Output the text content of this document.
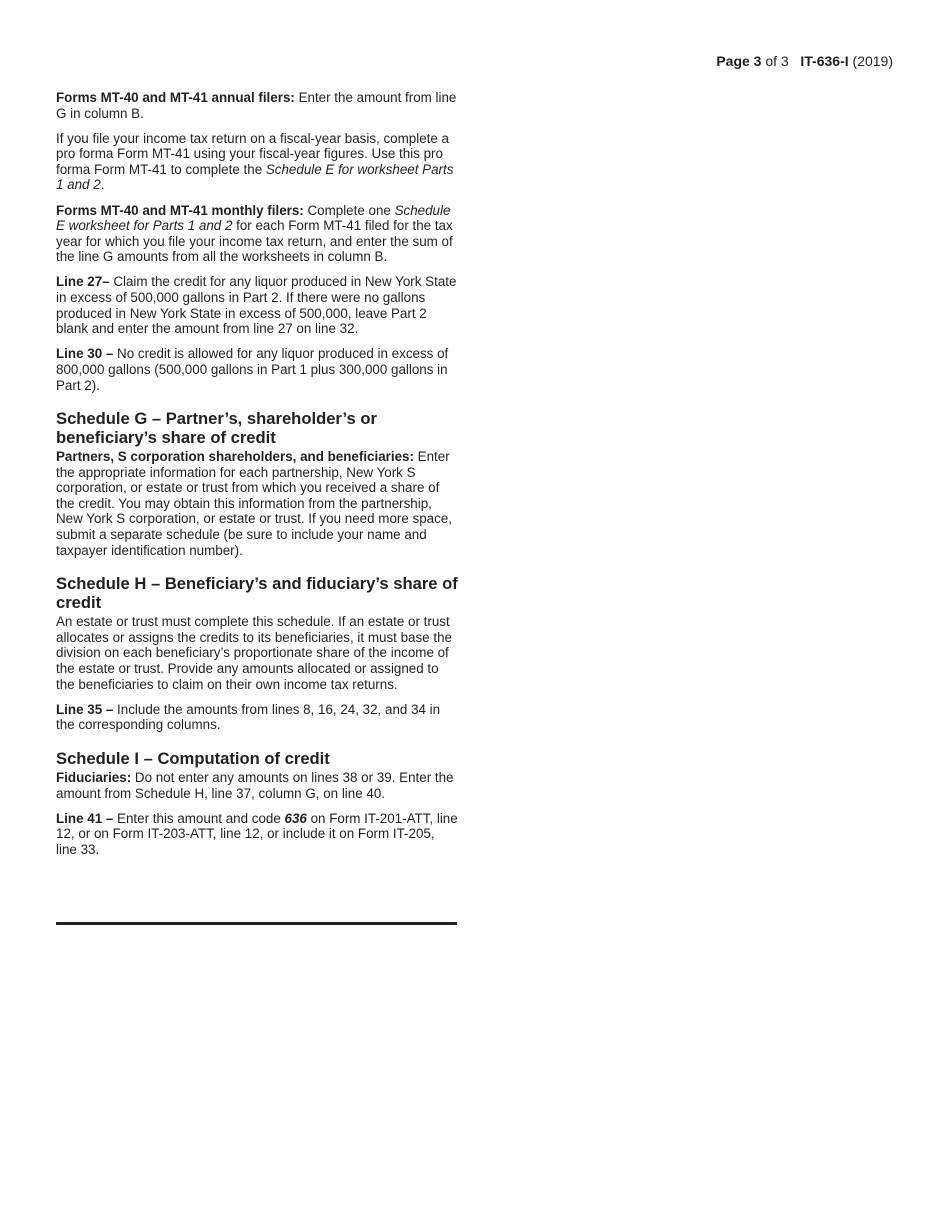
Page 3 of 3 IT-636-I (2019)

Forms MT-40 and MT-41 annual filers: Enter the amount from line G in column B.

If you file your income tax return on a fiscal-year basis, complete a pro forma Form MT-41 using your fiscal-year figures. Use this pro forma Form MT-41 to complete the Schedule E for worksheet Parts 1 and 2.

Forms MT-40 and MT-41 monthly filers: Complete one Schedule E worksheet for Parts 1 and 2 for each Form MT-41 filed for the tax year for which you file your income tax return, and enter the sum of the line G amounts from all the worksheets in column B.

Line 27– Claim the credit for any liquor produced in New York State in excess of 500,000 gallons in Part 2. If there were no gallons produced in New York State in excess of 500,000, leave Part 2 blank and enter the amount from line 27 on line 32.

Line 30 – No credit is allowed for any liquor produced in excess of 800,000 gallons (500,000 gallons in Part 1 plus 300,000 gallons in Part 2).

Schedule G – Partner’s, shareholder’s or beneficiary’s share of credit

Partners, S corporation shareholders, and beneficiaries: Enter the appropriate information for each partnership, New York S corporation, or estate or trust from which you received a share of the credit. You may obtain this information from the partnership, New York S corporation, or estate or trust. If you need more space, submit a separate schedule (be sure to include your name and taxpayer identification number).

Schedule H – Beneficiary’s and fiduciary’s share of credit

An estate or trust must complete this schedule. If an estate or trust allocates or assigns the credits to its beneficiaries, it must base the division on each beneficiary’s proportionate share of the income of the estate or trust. Provide any amounts allocated or assigned to the beneficiaries to claim on their own income tax returns.

Line 35 – Include the amounts from lines 8, 16, 24, 32, and 34 in the corresponding columns.

Schedule I – Computation of credit

Fiduciaries: Do not enter any amounts on lines 38 or 39. Enter the amount from Schedule H, line 37, column G, on line 40.

Line 41 – Enter this amount and code 636 on Form IT-201-ATT, line 12, or on Form IT-203-ATT, line 12, or include it on Form IT-205, line 33.
